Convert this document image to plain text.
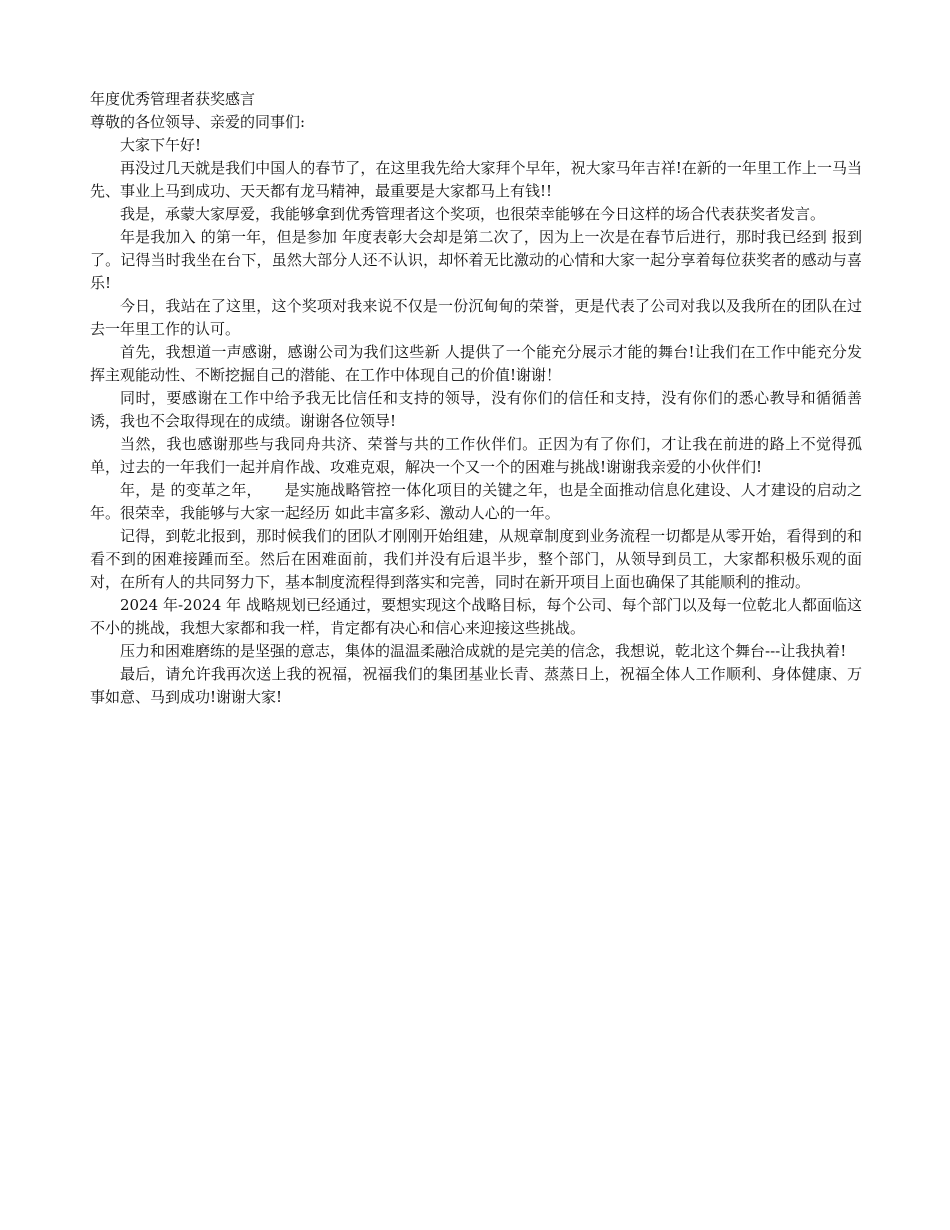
年度优秀管理者获奖感言

尊敬的各位领导、亲爱的同事们:

大家下午好!

再没过几天就是我们中国人的春节了，在这里我先给大家拜个早年，祝大家马年吉祥!在新的一年里工作上一马当先、事业上马到成功、天天都有龙马精神，最重要是大家都马上有钱!!

我是，承蒙大家厚爱，我能够拿到优秀管理者这个奖项，也很荣幸能够在今日这样的场合代表获奖者发言。

年是我加入 的第一年，但是参加 年度表彰大会却是第二次了，因为上一次是在春节后进行，那时我已经到 报到了。记得当时我坐在台下，虽然大部分人还不认识，却怀着无比激动的心情和大家一起分享着每位获奖者的感动与喜乐!

今日，我站在了这里，这个奖项对我来说不仅是一份沉甸甸的荣誉，更是代表了公司对我以及我所在的团队在过去一年里工作的认可。

首先，我想道一声感谢，感谢公司为我们这些新 人提供了一个能充分展示才能的舞台!让我们在工作中能充分发挥主观能动性、不断挖掘自己的潜能、在工作中体现自己的价值!谢谢！

同时，要感谢在工作中给予我无比信任和支持的领导，没有你们的信任和支持，没有你们的悉心教导和循循善诱，我也不会取得现在的成绩。谢谢各位领导!

当然，我也感谢那些与我同舟共济、荣誉与共的工作伙伴们。正因为有了你们，才让我在前进的路上不觉得孤单，过去的一年我们一起并肩作战、攻难克艰，解决一个又一个的困难与挑战!谢谢我亲爱的小伙伴们!

年，是 的变革之年，　　是实施战略管控一体化项目的关键之年，也是全面推动信息化建设、人才建设的启动之年。很荣幸，我能够与大家一起经历 如此丰富多彩、激动人心的一年。

记得，到乾北报到，那时候我们的团队才刚刚开始组建，从规章制度到业务流程一切都是从零开始，看得到的和看不到的困难接踵而至。然后在困难面前，我们并没有后退半步，整个部门，从领导到员工，大家都积极乐观的面对，在所有人的共同努力下，基本制度流程得到落实和完善，同时在新开项目上面也确保了其能顺利的推动。

2024 年-2024 年 战略规划已经通过，要想实现这个战略目标，每个公司、每个部门以及每一位乾北人都面临这不小的挑战，我想大家都和我一样，肯定都有决心和信心来迎接这些挑战。

压力和困难磨练的是坚强的意志，集体的温温柔融洽成就的是完美的信念，我想说，乾北这个舞台---让我执着!

最后，请允许我再次送上我的祝福，祝福我们的集团基业长青、蒸蒸日上，祝福全体人工作顺利、身体健康、万事如意、马到成功!谢谢大家!
